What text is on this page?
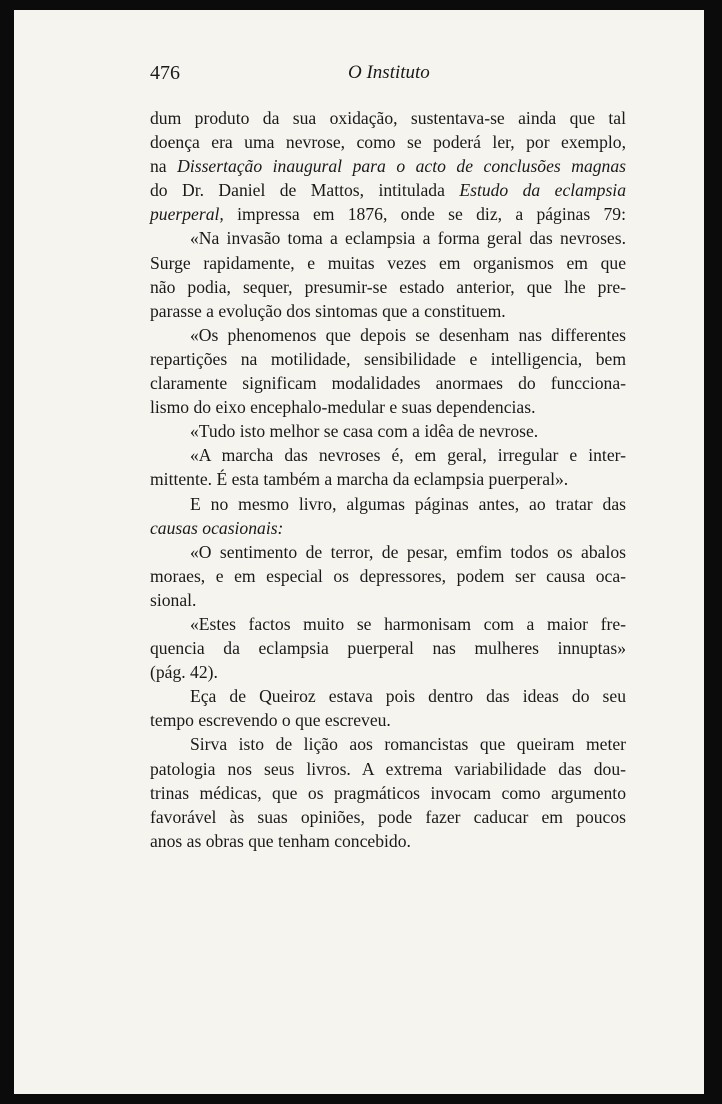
476	O Instituto
dum produto da sua oxidação, sustentava-se ainda que tal
doença era uma nevrose, como se poderá ler, por exemplo,
na Dissertação inaugural para o acto de conclusões magnas
do Dr. Daniel de Mattos, intitulada Estudo da eclampsia
puerperal, impressa em 1876, onde se diz, a páginas 79:
«Na invasão toma a eclampsia a forma geral das nevroses.
Surge rapidamente, e muitas vezes em organismos em que
não podia, sequer, presumir-se estado anterior, que lhe pre-
parasse a evolução dos sintomas que a constituem.
«Os phenomenos que depois se desenham nas differentes
repartições na motilidade, sensibilidade e intelligencia, bem
claramente significam modalidades anormaes do funcciona-
lismo do eixo encephalo-medular e suas dependencias.
«Tudo isto melhor se casa com a idêa de nevrose.
«A marcha das nevroses é, em geral, irregular e inter-
mittente. É esta também a marcha da eclampsia puerperal».
E no mesmo livro, algumas páginas antes, ao tratar das
causas ocasionais:
«O sentimento de terror, de pesar, emfim todos os abalos
moraes, e em especial os depressores, podem ser causa oca-
sional.
«Estes factos muito se harmonisam com a maior fre-
quencia da eclampsia puerperal nas mulheres innuptas»
(pág. 42).
Eça de Queiroz estava pois dentro das ideas do seu
tempo escrevendo o que escreveu.
Sirva isto de lição aos romancistas que queiram meter
patologia nos seus livros. A extrema variabilidade das dou-
trinas médicas, que os pragmáticos invocam como argumento
favorável às suas opiniões, pode fazer caducar em poucos
anos as obras que tenham concebido.
